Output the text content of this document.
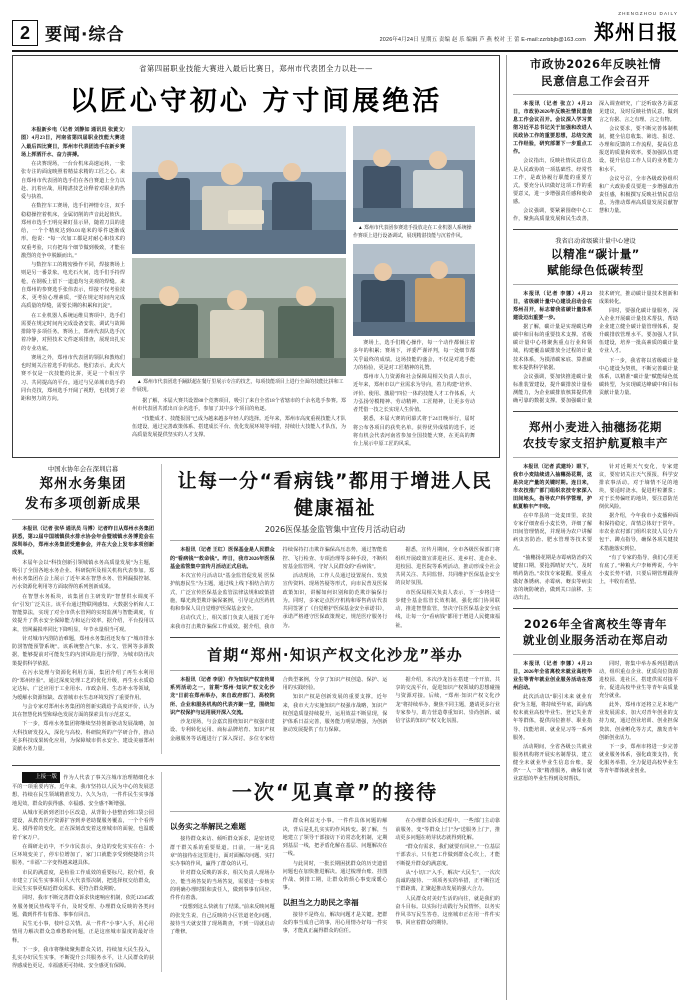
2 要闻·综合	2026年4月24日 星期五 责编 赵 乐 编辑 芦 燕 校对 王 蕾 E-mail:zzrbbjb@163.com
ZHENGZHOU DAILY
郑州日报
省第四届职业技能大赛进入最后比赛日，郑州市代表团全力以赴——
以匠心守初心 方寸间展绝活

本报新乡电（记者 刘静如 通讯员 张黄文/图）4月23日，河南省第四届职业技能大赛进入最后四比赛日，郑州市代表团选手在新乡赛场上挥洒汗水、奋力拼搏。

在决赛现场，一台台机床高速运转，一张张专注的面庞映照着精益求精的工匠之心。来自郑州市代表团的选手们在各自赛道上全力以赴、沉着应战，用精湛技艺诠释着对职业的热爱与执着。

在数控车工赛场，选手们神情专注，双手稳稳操控着机床，金属切削的声音此起彼伏。郑州市选手王明亮紧盯显示屏，随着刀具的进给，一个个精度达到0.01毫米的零件逐渐成形。他说：“每一次加工都是对耐心和技术的双重考验，只有把每个细节做到极致，才能在激烈的竞争中脱颖而出。”

与数控车工的精密操作不同，焊接赛场上则是另一番景象。电光石火间，选手们手持焊枪，在钢板上留下一道道均匀美观的焊缝。来自郑州的参赛选手张伟表示，焊接不仅考验技术，更考验心理素质，“要在规定时间内完成高质量的焊缝，需要长期的积累和沉淀”。

在工业机器人系统运维员赛项中，选手们需要在规定时间内完成设备安装、调试与故障排除等多项任务。赛场上，郑州代表队选手沉着冷静，对照技术文件逐项排查，展现出扎实的专业功底。

赛场之外，郑州市代表团的领队和教练们也时刻关注着选手的状态。他们表示，此次大赛不仅是一次技能的比拼，更是一个相互学习、共同提高的平台。通过与兄弟城市选手的同台竞技，郑州选手开阔了视野，也找到了差距和努力的方向。

▲ 郑州市代表团选手踊跃超在餐厅里展示专注的技艺，每项技能项目上进行全面的技能比拼和工作展现。

据了解，本届大赛共设置88个竞赛项目，吸引了来自全省18个省辖市的千余名选手参赛。郑州市代表团共派出百余名选手，参加了其中多个项目的角逐。

“技能成才、技能报国”已成为越来越多年轻人的选择。近年来，郑州市高度重视技能人才队伍建设，通过完善政策体系、搭建成长平台、优化发展环境等举措，持续壮大技能人才队伍，为高质量发展提供坚实的人才支撑。

▲ 郑州市代表团参赛选手投放走在工业机器人系统操作赛项上进行设备调试，展现精湛技能与沉着作风。

赛场上，选手们精心操作，每一个动作都倾注着多年的积累；赛场下，评委严谨评判，每一处细节都关乎最终的成绩。这场技能的盛会，不仅是对选手能力的检验，更是对工匠精神的礼赞。

郑州市人力资源和社会保障局相关负责人表示，近年来，郑州市以产业需求为导向，着力构建“培养、评价、使用、激励”四位一体的技能人才工作体系，大力弘扬劳模精神、劳动精神、工匠精神，让更多劳动者凭借一技之长实现人生价值。

据悉，本届大赛的闭幕式将于24日晚举行，届时将公布各项目的获奖名单。获得优异成绩的选手，还将有机会代表河南省参加全国技能大赛，在更高的舞台上展示中原工匠的风采。

中国水协年会在深圳启幕
郑州水务集团
发布多项创新成果

本报讯（记者 张华 通讯员 马博）记者昨日从郑州水务集团获悉，第22届中国城镇供水排水协会年会暨城镇水务博览会在深圳举办，郑州水务集团受邀参会，并在大会上发布多项创新成果。

本届年会以“科技创新引领城镇水务高质量发展”为主题，吸引了全国各地水务企业、科研院所及相关机构代表参加。郑州水务集团在会上展示了近年来在智慧水务、管网漏损控制、污水资源化利用等方面取得的系列创新成果。

在智慧水务板块，该集团自主研发的“智慧供水调度平台”引发广泛关注。该平台通过物联网感知、大数据分析和人工智能算法，实现了对全市供水管网的实时监测与智能调度，有效提升了供水安全保障能力和运行效率。据介绍，平台投用以来，管网漏损率同比下降明显，年节水量相当可观。

针对城市内涝防治难题，郑州水务集团还发布了“城市排水防涝智能预警系统”。该系统整合气象、水文、管网等多源数据，能够提前对可能发生的内涝风险进行预警，为城市防汛决策提供科学依据。

在污水处理与资源化利用方面，集团介绍了再生水利用的“郑州经验”。通过深度处理工艺的优化升级，再生水水质稳定达标，广泛应用于工业用水、市政杂用、生态补水等领域，为缓解水资源短缺、改善城市水生态环境发挥了重要作用。

与会专家对郑州水务集团的创新实践给予高度评价，认为其在智慧化转型和绿色发展方面的探索具有示范意义。

下一步，郑州水务集团将继续坚持创新驱动发展战略，加大科技研发投入，深化与高校、科研院所的产学研合作，推动更多科技成果转化应用，为保障城市供水安全、建设美丽郑州贡献水务力量。

让每一分“看病钱”都用于增进人民健康福祉
2026医保基金监管集中宣传月活动启动

本报讯（记者 王红）医保基金是人民群众的“看病钱”“救命钱”。昨日，我市2026年医保基金监管集中宣传月活动正式启动。

本次宣传月活动以“基金监管促发展 医保护航惠民生”为主题，通过线上线下相结合的方式，广泛宣传医保基金监管法律法规和政策措施，曝光典型欺诈骗保案例，引导定点医药机构和参保人员自觉维护医保基金安全。

启动仪式上，相关部门负责人通报了近年来我市打击欺诈骗保工作成效。据介绍，我市持续保持打击欺诈骗保高压态势，通过智能监控、飞行检查、专项治理等多种手段，不断织密基金监管网，守好人民群众的“看病钱”。

活动现场，工作人员通过设置展台、发放宣传资料、现场答疑等形式，向市民普及医保政策知识，讲解如何识别和防范欺诈骗保行为。同时，多家定点医疗机构和零售药店代表共同签署了《自觉维护医保基金安全承诺书》，承诺严格遵守医保政策规定，规范医疗服务行为。

据悉，宣传月期间，全市各级医保部门将组织开展政策宣讲进社区、进乡村、进企业、进校园、进医院等系列活动，推动形成全社会共同关注、共同监督、共同维护医保基金安全的良好氛围。

市医保局相关负责人表示，下一步将进一步健全基金监管长效机制，强化部门协同联动，推进智慧监管，坚决守住医保基金安全底线，让每一分“看病钱”都用于增进人民健康福祉。

首期“郑州·知识产权文化沙龙”举办

本报讯（记者 李居）作为知识产权宣传周系列活动之一，首期“郑州·知识产权文化沙龙”日前在郑州举办，来自政府部门、高校院所、企业和服务机构的代表齐聚一堂，围绕知识产权保护与运用展开深入交流。

沙龙现场，与会嘉宾围绕知识产权强市建设、专利转化运用、商标品牌培育、知识产权金融服务等话题进行了深入探讨。多位专家结合典型案例，分享了知识产权创造、保护、运用的实践经验。

知识产权是创新发展的重要支撑。近年来，我市大力实施知识产权强市战略，知识产权创造质量持续提升，运用效益不断显现，保护体系日益完善，服务能力明显增强，为创新驱动发展提供了有力保障。

据介绍，本次沙龙旨在搭建一个开放、共享的交流平台，促进知识产权领域的思想碰撞与资源对接。后续，“郑州·知识产权文化沙龙”将持续举办，聚焦不同主题，邀请更多行业专家参与，助力营造尊重知识、崇尚创新、诚信守法的知识产权文化氛围。

上接一版 作为人代表了事关注城市治理精细化水平的一项重要内容。近年来，我市坚持以人民为中心的发展思想，持续在民生领域精准发力、久久为功，一件件民生实事落地见效，群众的获得感、幸福感、安全感不断增强。

从城市更新到老旧小区改造，从背街小巷整治到口袋公园建设，从教育医疗资源扩容到养老助餐服务覆盖，一个个看得见、摸得着的变化，正在深刻改变着这座城市的面貌，也温暖着千家万户。

在调研走访中，不少市民表示，身边的变化实实在在：小区环境变美了，停车位增加了，家门口就能享受到便捷的公共服务，“幸福”二字变得越来越具体。

市民的满意度，是检验工作成效的重要标尺。据介绍，我市建立了民生实事项目人大代表票决制，把选择权交给群众，让民生实事更贴近群众需求、更符合群众期盼。

同时，我市不断完善群众诉求快速响应机制，依托12345政务服务便民热线等平台，及时受理、办理群众反映的各类问题，做到件件有着落、事事有回音。

民生无小事，枝叶总关情。从一件件“小事”入手，用心用情用力解决群众急难愁盼问题，正是这座城市温度的最好诠释。

下一步，我市将继续聚焦群众关切，持续加大民生投入，扎实办好民生实事，不断提升公共服务水平，让人民群众的获得感成色更足、幸福感更可持续、安全感更有保障。

一次“见真章”的接待
以务实之举解民之难题

接待群众来访、倾听群众诉求，是密切党群干群关系的重要渠道。日前，一场“见真章”的接待在这里进行，面对面解决问题、实打实办事的作风，赢得了群众的认可。

针对群众反映的诉求，相关负责人现场办公，能当场答复的当场答复，需要进一步核实的明确办理时限和责任人，做到事事有回应、件件有着落。

“没想到这么快就有了结果。”前来反映问题的张先生说，自己反映的小区管道老化问题，接待当天就安排了现场勘查，不到一周就启动了维修。

群众利益无小事。一件件具体问题的解决，背后是扎扎实实的作风转变。据了解，当地建立了领导干部接访下访常态化机制，定期到基层一线，把矛盾化解在基层、问题解决在一线。

与此同时，一批长期困扰群众的历史遗留问题也在加快推进解决。通过梳理台账、挂图作战、倒排工期，让群众的烦心事变成暖心事。

以担当之力助民之幸福

接待不是终点，解决问题才是关键。把群众的事当成自己的事，用心用情办好每一件实事，才能真正赢得群众的信任。

在办理群众诉求过程中，一些部门主动靠前服务，变“等群众上门”为“送服务上门”，推动更多问题在萌芽状态就得到化解。

“群众有需求，我们就要有回应。”一位基层干部表示，只有把工作做到群众心坎上，才能不断提升群众的满意度。

从“小切口”入手，解决“大民生”，一次次真诚的接待、一项项务实的举措，正不断拉近干群距离，汇聚起推动发展的强大合力。

人民群众对美好生活的向往，就是我们的奋斗目标。以实际行动践行为民情怀，以务实作风书写民生答卷，这座城市正在用一件件实事，回应着群众的期待。

市政协2026年反映社情
民意信息工作会召开

本报讯（记者 张立）4月23日，市政协2026年反映社情民意信息工作会议召开。会议深入学习贯彻习近平总书记关于加强和改进人民政协工作的重要思想，总结交流工作经验，研究部署下一步重点工作。

会议指出，反映社情民意信息是人民政协的一项基础性、经常性工作，是政协履行职能的重要方式。要充分认识做好这项工作的重要意义，进一步增强责任感和使命感。

会议强调，要紧紧围绕中心工作，聚焦高质量发展和民生改善，深入调查研究，广泛听取各方面意见建议，及时反映社情民意，做到言之有据、言之有理、言之有物。

会议要求，要不断完善体制机制，健全信息收集、筛选、报送、办理和反馈的工作流程，提高信息报送的质量和效率。要加强队伍建设，提升信息工作人员的业务能力和水平。

会议号召，全市各级政协组织和广大政协委员要进一步增强政治责任感，积极撰写反映社情民意信息，为推动郑州高质量发展贡献智慧和力量。

我省启动省级碳计量中心建设
以精准“碳计量”
赋能绿色低碳转型

本报讯（记者 李娜）4月23日，省级碳计量中心建设启动会在郑州召开，标志着我省碳计量体系建设迈出重要一步。

据了解，碳计量是实现碳达峰碳中和目标的重要技术支撑。省级碳计量中心将聚焦重点行业和领域，构建覆盖碳排放全过程的计量技术体系，为摸清碳家底、算准碳账本提供科学依据。

会议强调，要加快推进碳计量标准装置建设，提升碳排放计量检测能力，为企业碳排放核算提供准确可靠的数据支撑。要加强碳计量技术研究，推动碳计量技术创新和成果转化。

同时，要强化碳计量服务，深入企业开展碳计量技术帮扶，帮助企业建立健全碳计量管理体系，提升碳排放管理水平。要加强人才队伍建设，培养一批高素质的碳计量专业人才。

下一步，我省将以省级碳计量中心建设为契机，不断完善碳计量体系，以精准“碳计量”赋能绿色低碳转型，为实现碳达峰碳中和目标贡献计量力量。

郑州小麦进入抽穗扬花期
农技专家支招护航夏粮丰产

本报讯（记者 武建玲）眼下，我市小麦陆续进入抽穗扬花期，这是决定产量的关键时期。连日来，市农技推广部门组织农技专家深入田间地头，指导农户科学管理，护航夏粮丰产丰收。

在中牟县的一处麦田里，农技专家仔细查看小麦长势，详细了解田间管理情况，并现场为农户讲解病虫害防治、肥水管理等技术要点。

“抽穗扬花期是赤霉病防治的关键窗口期，要抢抓晴好天气，及时喷药防治。”农技专家提醒，要重点做好条锈病、赤霉病、蚜虫等病虫害的统防统治，做到关口前移、主动出击。

针对近期天气变化，专家建议，要密切关注天气预报，科学安排农事活动。对于墒情不足的地块，要适时浇水，促进籽粒灌浆；对于长势偏旺的地块，要注意防范倒伏风险。

据介绍，今年我市小麦播种面积保持稳定，苗情总体好于常年。市农业农村部门组织农技人员分片包干、蹲点指导，确保各项关键技术措施落实到位。

“有了专家的指导，我们心里更有底了。”种粮大户李师傅说，今年小麦长势不错，只要后期管理跟得上，丰收有希望。

2026年全省离校生等青年
就业创业服务活动在郑启动

本报讯（记者 李娜）4月23日，2026年全省离校未就业高校毕业生等青年就业创业服务活动在郑州启动。

此次活动以“职引未来 就业有我”为主题，将持续至年底，面向离校未就业高校毕业生、登记失业青年等群体，提供岗位推荐、职业指导、技能培训、就业见习等一系列服务。

活动期间，全省各级公共就业服务机构将开展实名制帮扶，建立健全未就业毕业生信息台账，提供“一人一策”精准服务，确保有就业意愿的毕业生得到及时帮扶。

同时，将集中举办系列招聘活动，组织重点企业、优质岗位资源进校园、进社区，搭建供需对接平台，促进高校毕业生等青年高质量充分就业。

此外，郑州市还将立足本地产业发展需求，加大对青年创业的支持力度，通过创业培训、创业担保贷款、创业孵化等方式，激发青年创新创业活力。

下一步，郑州市将进一步完善就业服务体系，强化政策支持，优化服务举措，全力促进高校毕业生等青年群体就业创业。
